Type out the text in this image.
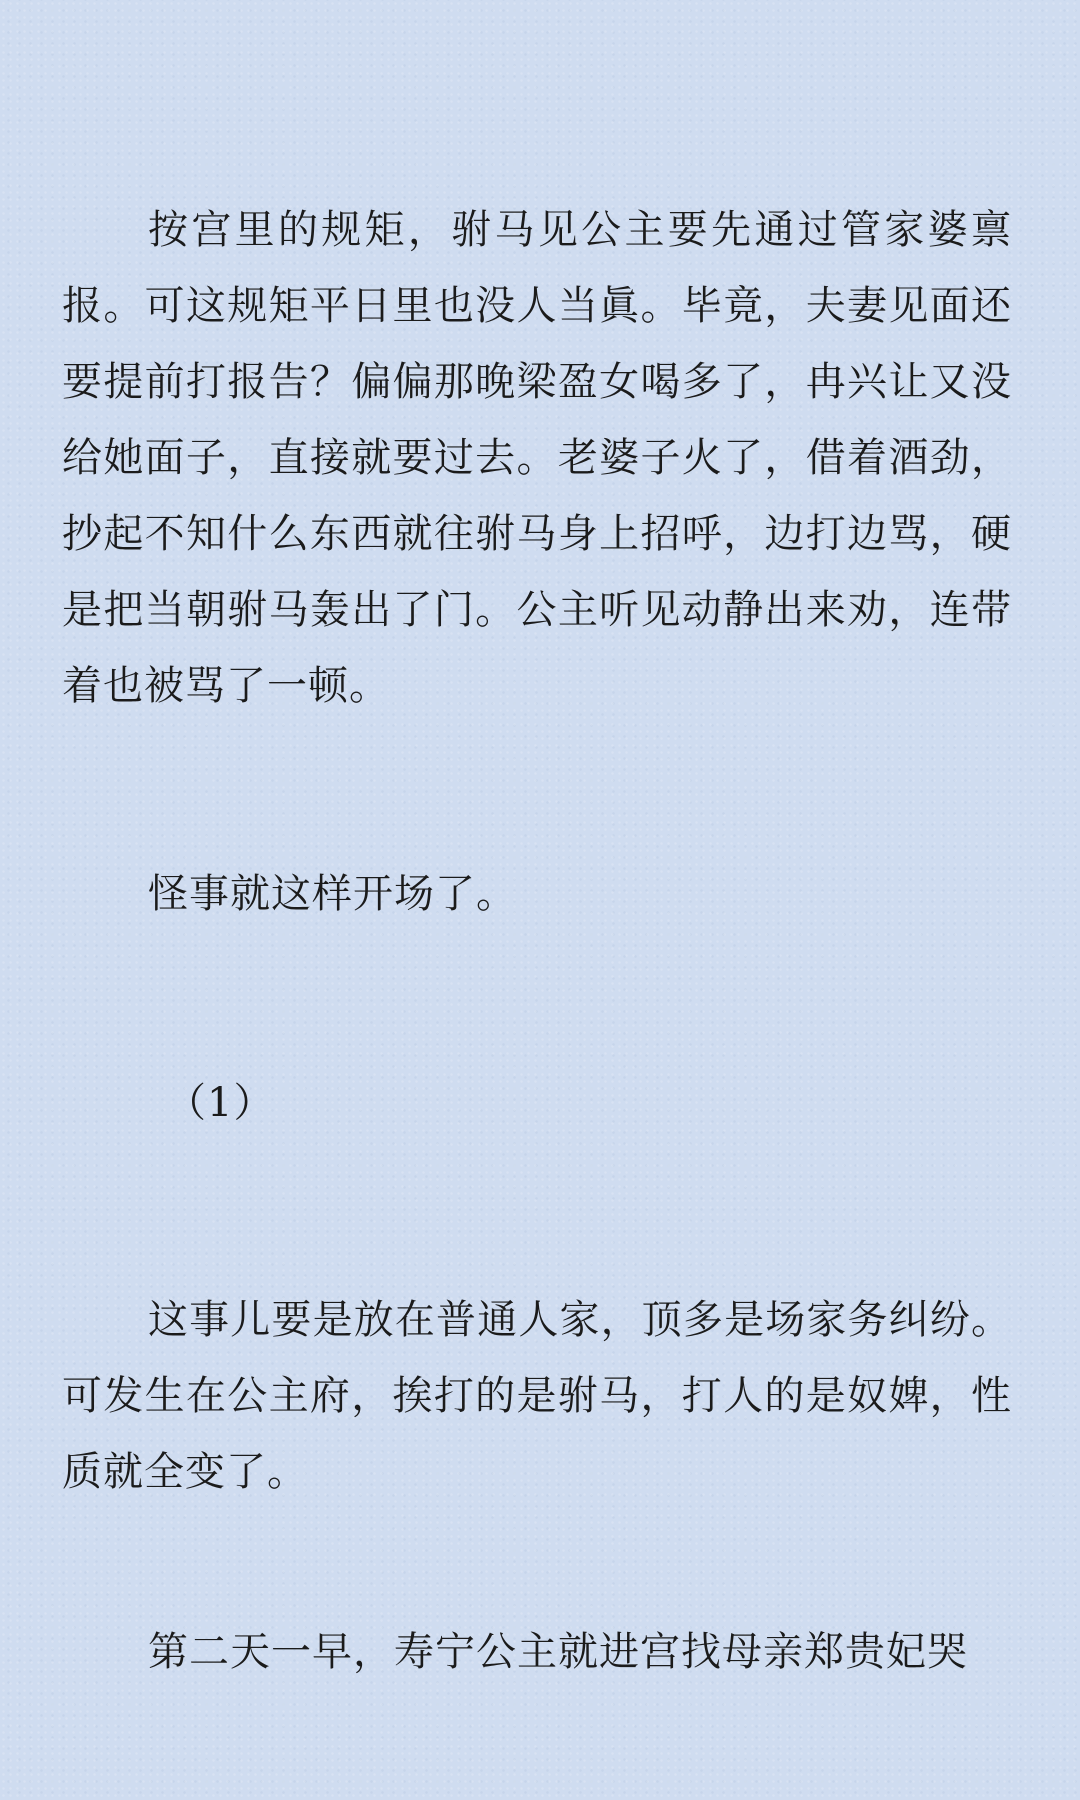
按宫里的规矩，驸马见公主要先通过管家婆禀报。可这规矩平日里也没人当眞。毕竟，夫妻见面还要提前打报告？偏偏那晚梁盈女喝多了，冉兴让又没给她面子，直接就要过去。老婆子火了，借着酒劲，抄起不知什么东西就往驸马身上招呼，边打边骂，硬是把当朝驸马轰出了门。公主听见动静出来劝，连带着也被骂了一顿。

怪事就这样开场了。

（1）

这事儿要是放在普通人家，顶多是场家务纠纷。可发生在公主府，挨打的是驸马，打人的是奴婢，性质就全变了。

第二天一早，寿宁公主就进宫找母亲郑贵妃哭
